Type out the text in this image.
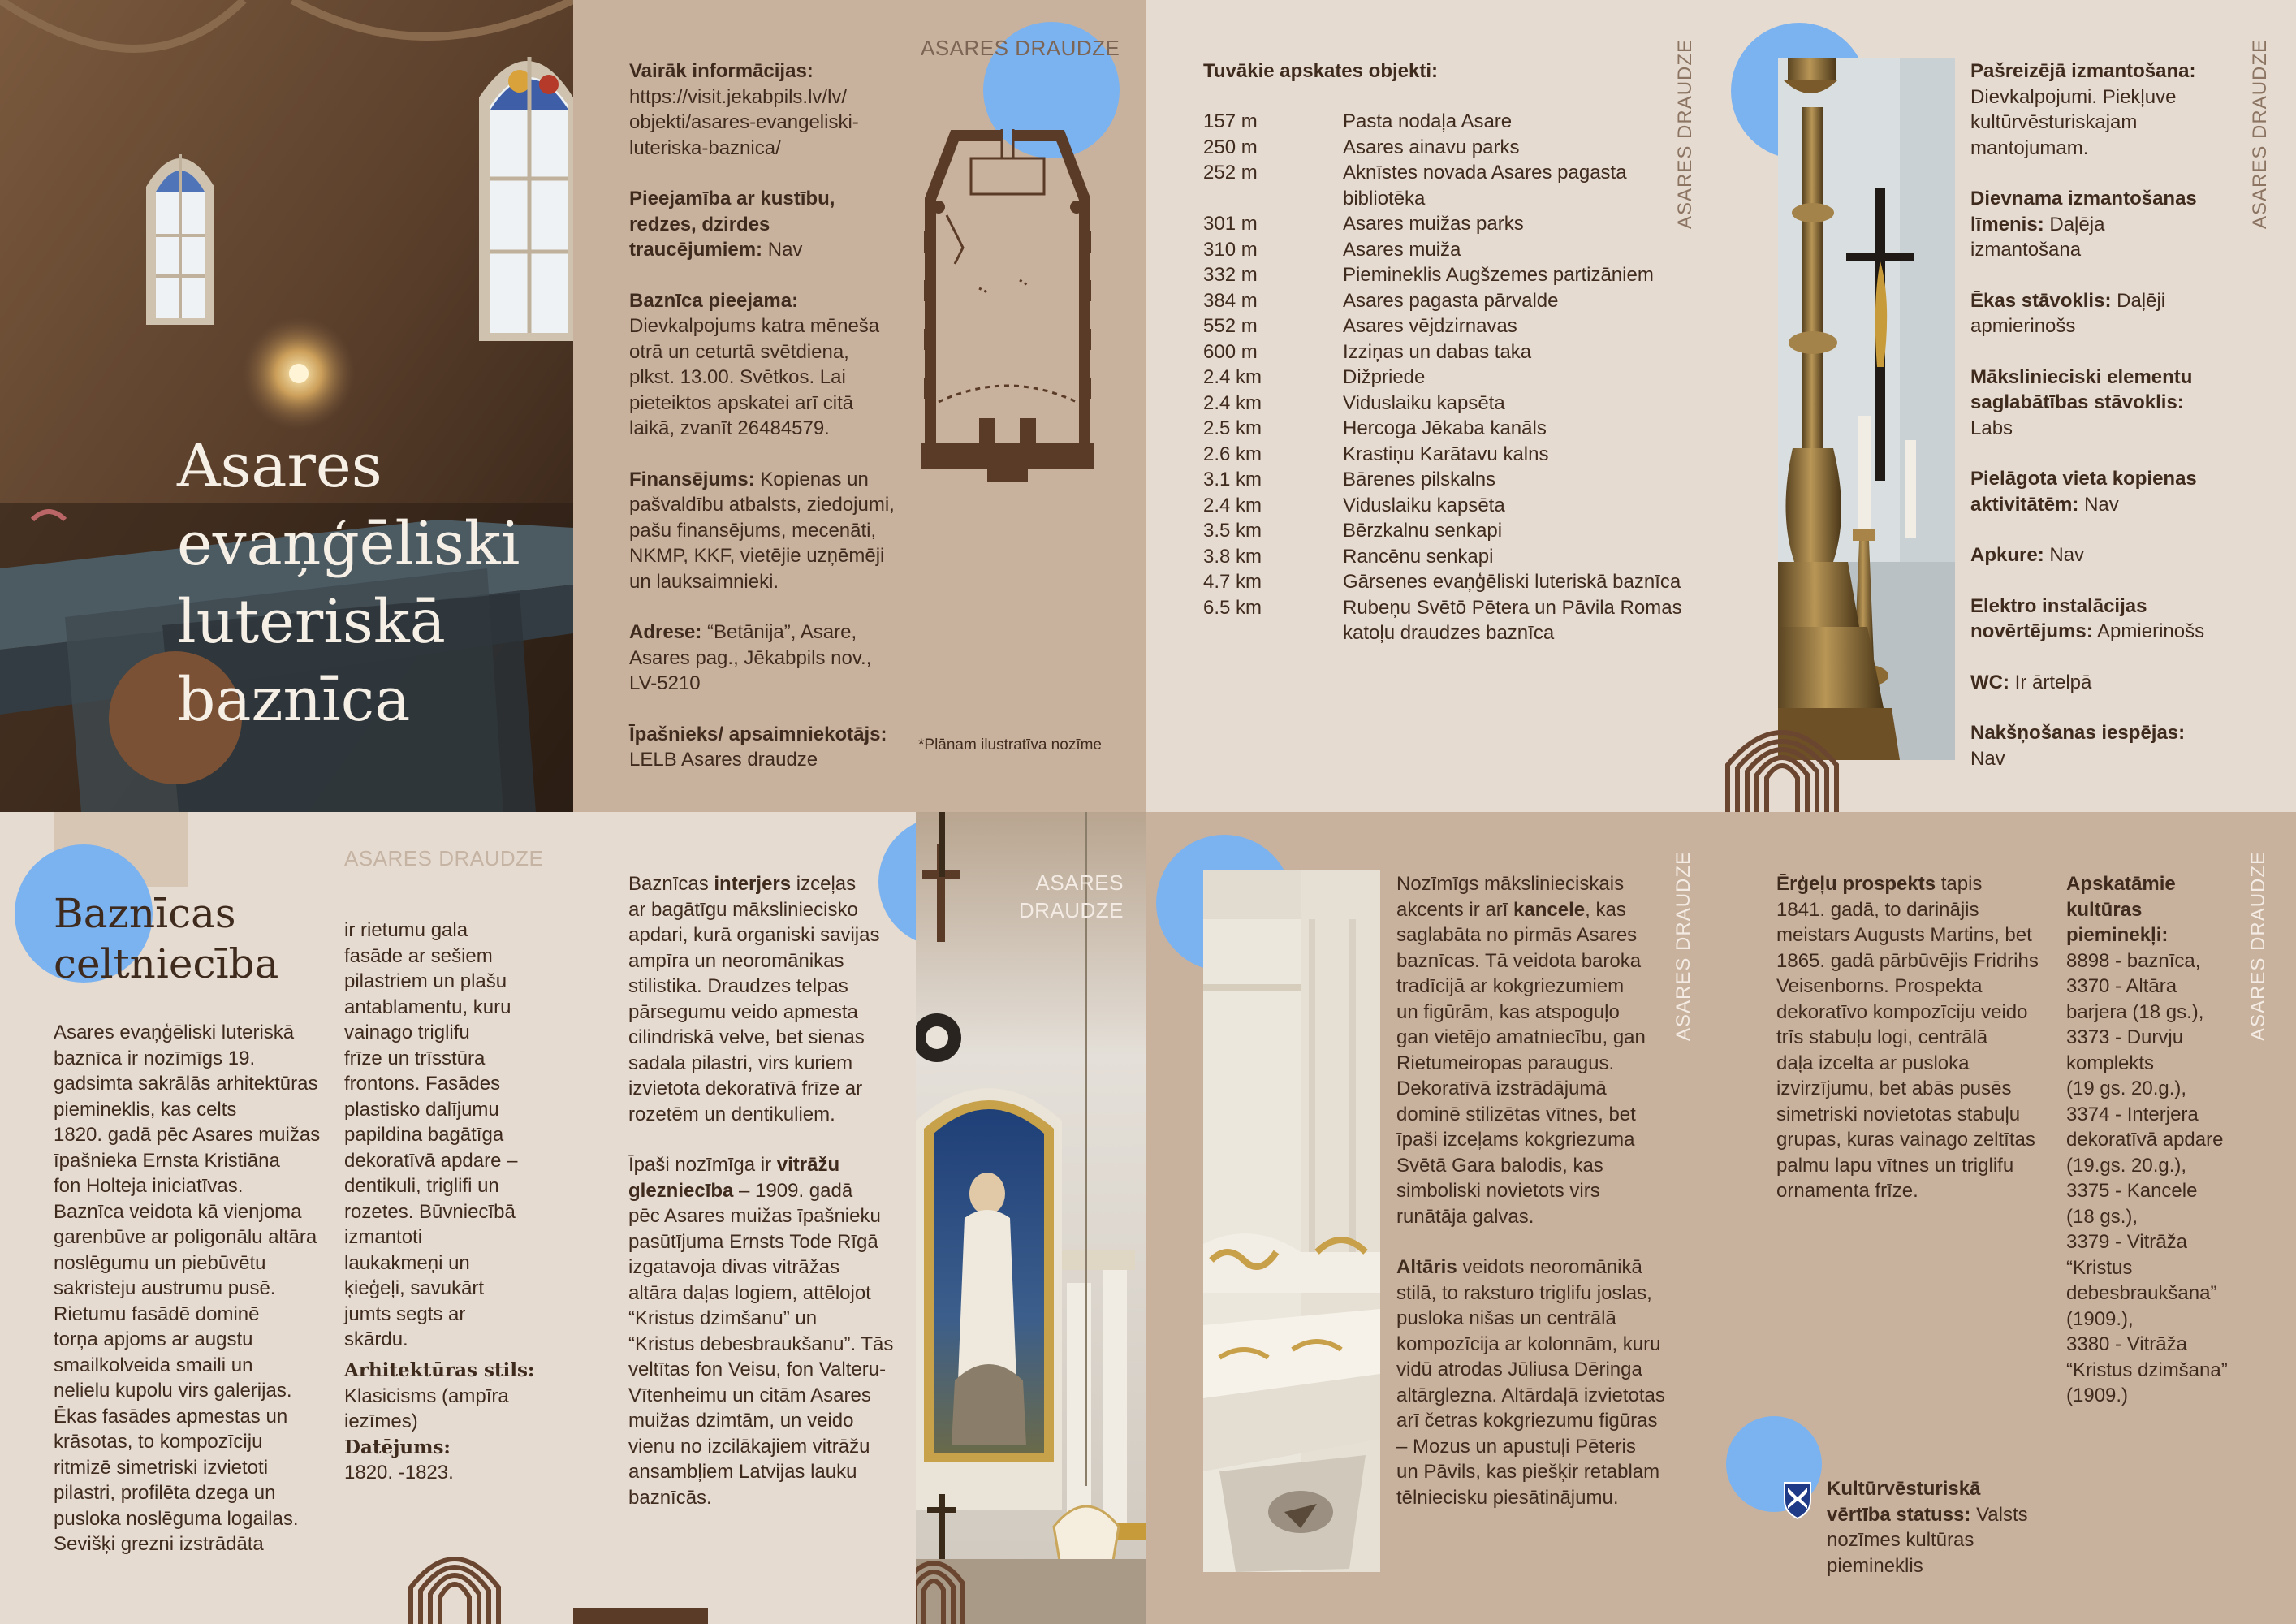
Asares
evaņģēliski
luteriskā
baznīca
ASARES DRAUDZE
Vairāk informācijas:
https://visit.jekabpils.lv/lv/
objekti/asares-evangeliski-
luteriska-baznica/
Pieejamība ar kustību,
redzes, dzirdes
traucējumiem: Nav
Baznīca pieejama:
Dievkalpojums katra mēneša
otrā un ceturtā svētdiena,
plkst. 13.00. Svētkos. Lai
pieteiktos apskatei arī citā
laikā, zvanīt 26484579.
Finansējums: Kopienas un
pašvaldību atbalsts, ziedojumi,
pašu finansējums, mecenāti,
NKMP, KKF, vietējie uzņēmēji
un lauksaimnieki.
Adrese: “Betānija”, Asare,
Asares pag., Jēkabpils nov.,
LV-5210
Īpašnieks/ apsaimniekotājs:
LELB Asares draudze
*Plānam ilustratīva nozīme
ASARES DRAUDZE
Tuvākie apskates objekti:
157 m	Pasta nodaļa Asare
250 m	Asares ainavu parks
252 m	Aknīstes novada Asares pagasta
bibliotēka
301 m	Asares muižas parks
310 m	Asares muiža
332 m	Piemineklis Augšzemes partizāniem
384 m	Asares pagasta pārvalde
552 m	Asares vējdzirnavas
600 m	Izziņas un dabas taka
2.4 km	Dižpriede
2.4 km	Viduslaiku kapsēta
2.5 km	Hercoga Jēkaba kanāls
2.6 km	Krastiņu Karātavu kalns
3.1 km	Bārenes pilskalns
2.4 km	Viduslaiku kapsēta
3.5 km	Bērzkalnu senkapi
3.8 km	Rancēnu senkapi
4.7 km	Gārsenes evaņģēliski luteriskā baznīca
6.5 km	Rubeņu Svētō Pētera un Pāvila Romas
katoļu draudzes baznīca
ASARES DRAUDZE
Pašreizējā izmantošana:
Dievkalpojumi. Piekļuve
kultūrvēsturiskajam
mantojumam.
Dievnama izmantošanas
līmenis: Daļēja izmantošana
Ēkas stāvoklis: Daļēji
apmierinošs
Mākslinieciski elementu
saglabātības stāvoklis: Labs
Pielāgota vieta kopienas
aktivitātēm: Nav
Apkure: Nav
Elektro instalācijas
novērtējums: Apmierinošs
WC: Ir ārtelpā
Nakšņošanas iespējas:  Nav
ASARES DRAUDZE
Baznīcas
celtniecība
Asares evaņģēliski luteriskā
baznīca ir nozīmīgs 19.
gadsimta sakrālās arhitektūras
piemineklis, kas celts
1820. gadā pēc Asares muižas
īpašnieka Ernsta Kristiāna
fon Holteja iniciatīvas.
Baznīca veidota kā vienjoma
garenbūve ar poligonālu altāra
noslēgumu un piebūvētu
sakristeju austrumu pusē.
Rietumu fasādē dominē
torņa apjoms ar augstu
smailkolveida smaili un
nelielu kupolu virs galerijas.
Ēkas fasādes apmestas un
krāsotas, to kompozīciju
ritmizē simetriski izvietoti
pilastri, profilēta dzega un
pusloka noslēguma logailas.
Sevišķi grezni izstrādāta
ir rietumu gala
fasāde ar sešiem
pilastriem un plašu
antablamentu, kuru
vainago triglifu
frīze un trīsstūra
frontons. Fasādes
plastisko dalījumu
papildina bagātīga
dekoratīvā apdare –
dentikuli, triglifi un
rozetes. Būvniecībā
izmantoti
laukakmeņi un
ķieģeļi, savukārt
jumts segts ar
skārdu.
Arhitektūras stils:
Klasicisms (ampīra
iezīmes)
Datējums:
1820. -1823.
Baznīcas interjers izceļas
ar bagātīgu mākslinieciskо
apdari, kurā organiski savijas
ampīra un neoromānikas
stilistika. Draudzes telpas
pārsegumu veido apmesta
cilindriskā velve, bet sienas
sadala pilastri, virs kuriem
izvietota dekoratīvā frīze ar
rozetēm un dentikuliem.
Īpaši nozīmīga ir vitrāžu
glezniecība – 1909. gadā
pēc Asares muižas īpašnieku
pasūtījuma Ernsts Tode Rīgā
izgatavoja divas vitrāžas
altāra daļas logiem, attēlojot
“Kristus dzimšanu” un
“Kristus debesbraukšanu”. Tās
veltītas fon Veisu, fon Valteru-
Vītenheimu un citām Asares
muižas dzimtām, un veido
vienu no izcilākajiem vitrāžu
ansambļiem Latvijas lauku
baznīcās.
ASARES
DRAUDZE	ASARES DRAUDZE	ASARES DRAUDZE
Nozīmīgs mākslinieciskais
akcents ir arī kancele, kas
saglabāta no pirmās Asares
baznīcas. Tā veidota baroka
tradīcijā ar kokgriezumiem
un figūrām, kas atspoguļo
gan vietējo amatniecību, gan
Rietumeiropas paraugus.
Dekoratīvā izstrādājumā
dominē stilizētas vītnes, bet
īpaši izceļams kokgriezuma
Svētā Gara balodis, kas
simboliski novietots virs
runātāja galvas.
Altāris veidots neoromānikā
stilā, to raksturo triglifu joslas,
pusloka nišas un centrālā
kompozīcija ar kolonnām, kuru
vidū atrodas Jūliusa Dēringa
altārglezna. Altārdaļā izvietotas
arī četras kokgriezumu figūras
– Mozus un apustuļi Pēteris
un Pāvils, kas piešķir retablam
tēlniecisku piesātinājumu.
Ērģeļu prospekts tapis
1841. gadā, to darinājis
meistars Augusts Martins, bet
1865. gadā pārbūvējis Fridrihs
Veisenborns. Prospekta
dekoratīvo kompozīciju veido
trīs stabuļu logi, centrālā
daļa izcelta ar pusloka
izvirzījumu, bet abās pusēs
simetriski novietotas stabuļu
grupas, kuras vainago zeltītas
palmu lapu vītnes un triglifu
ornamenta frīze.
Apskatāmie
kultūras
pieminekļi:
8898 - baznīca,
3370 - Altāra
barjera (18 gs.),
3373 - Durvju
komplekts
(19 gs. 20.g.),
3374 - Interjera
dekoratīvā apdare
(19.gs. 20.g.),
3375 - Kancele
(18 gs.),
3379 - Vitrāža
“Kristus
debesbraukšana”
(1909.),
3380 - Vitrāža
“Kristus dzimšana”
(1909.)
Kultūrvēsturiskā
vērtība statuss: Valsts
nozīmes kultūras
piemineklis
